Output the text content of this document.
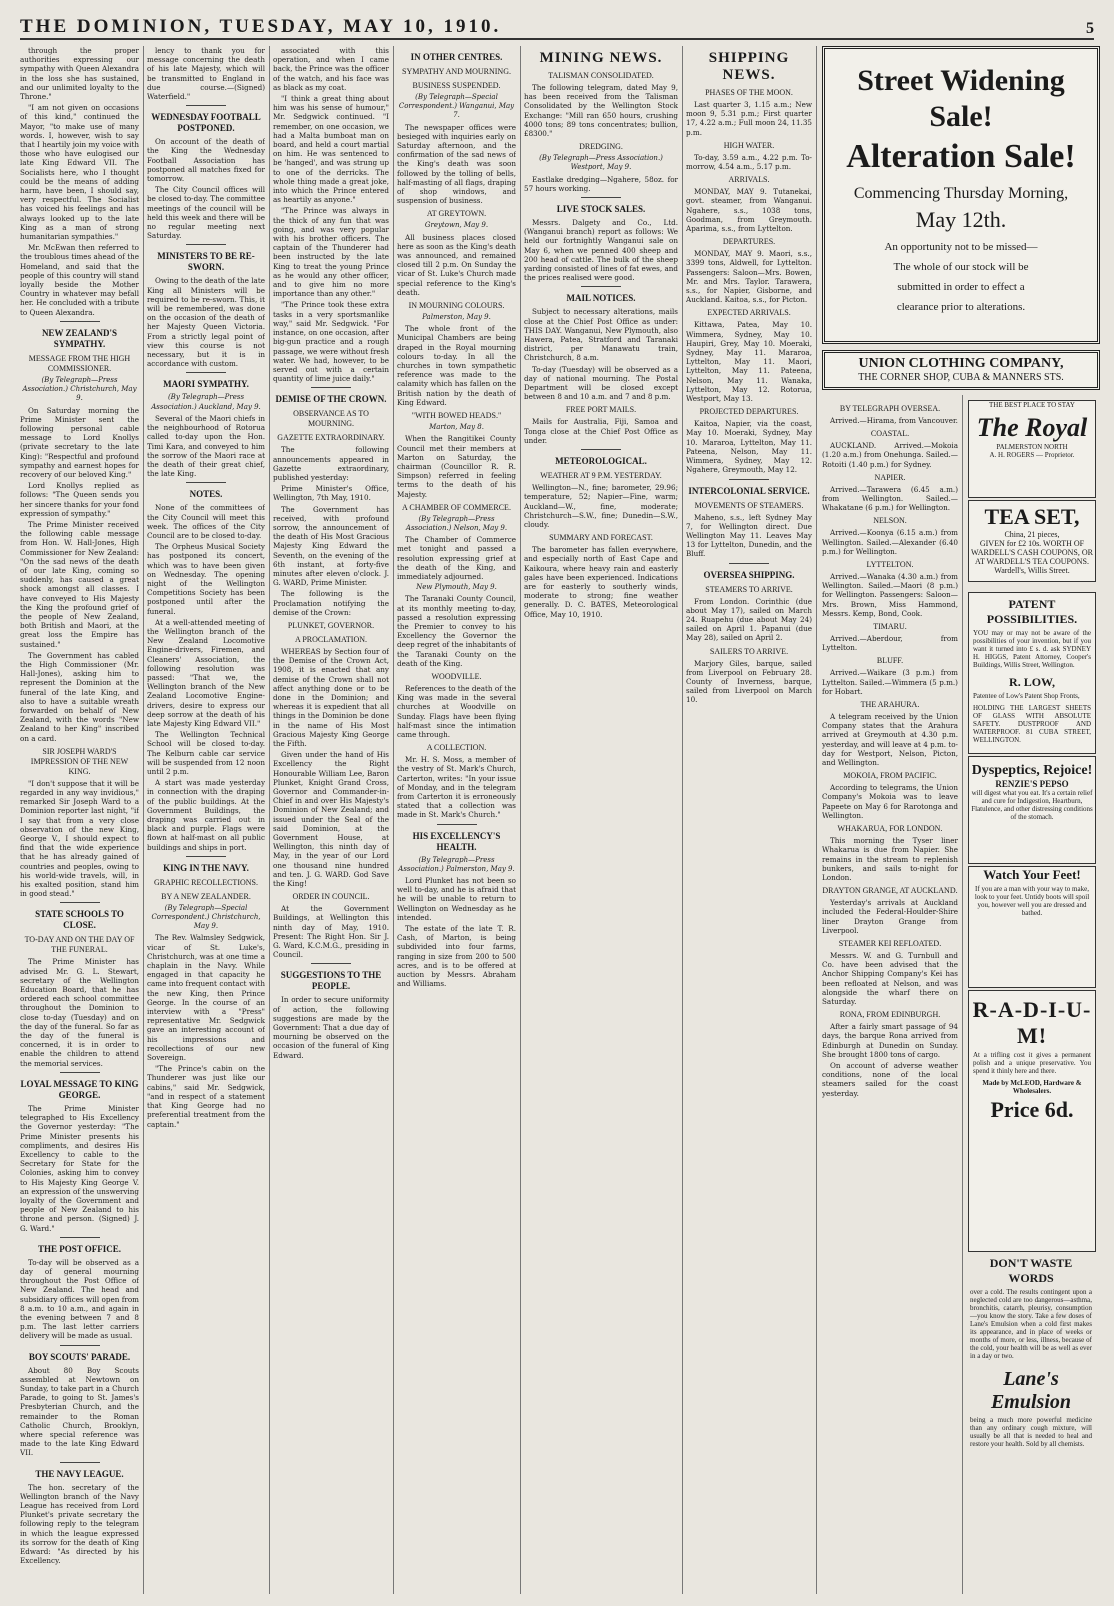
THE DOMINION, TUESDAY, MAY 10, 1910.	5

through the proper authorities expressing our sympathy with Queen Alexandra in the loss she has sustained, and our unlimited loyalty to the Throne."

"I am not given on occasions of this kind," continued the Mayor, "to make use of many words. I, however, wish to say that I heartily join my voice with those who have eulogised our late King Edward VII. The Socialists here, who I thought could be the means of adding harm, have been, I should say, very respectful. The Socialist has voiced his feelings and has always looked up to the late King as a man of strong humanitarian sympathies."

Mr. McEwan then referred to the troublous times ahead of the Homeland, and said that the people of this country will stand loyally beside the Mother Country in whatever may befall her. He concluded with a tribute to Queen Alexandra.

NEW ZEALAND'S SYMPATHY.
MESSAGE FROM THE HIGH COMMISSIONER.
(By Telegraph—Press Association.) Christchurch, May 9.

On Saturday morning the Prime Minister sent the following personal cable message to Lord Knollys (private secretary to the late King): "Respectful and profound sympathy and earnest hopes for recovery of our beloved King."

Lord Knollys replied as follows: "The Queen sends you her sincere thanks for your fond expression of sympathy."

The Prime Minister received the following cable message from Hon. W. Hall-Jones, High Commissioner for New Zealand: "On the sad news of the death of our late King, coming so suddenly, has caused a great shock amongst all classes. I have conveyed to His Majesty the King the profound grief of the people of New Zealand, both British and Maori, at the great loss the Empire has sustained."

The Government has cabled the High Commissioner (Mr. Hall-Jones), asking him to represent the Dominion at the funeral of the late King, and also to have a suitable wreath forwarded on behalf of New Zealand, with the words "New Zealand to her King" inscribed on a card.

SIR JOSEPH WARD'S IMPRESSION OF THE NEW KING.

"I don't suppose that it will be regarded in any way invidious," remarked Sir Joseph Ward to a Dominion reporter last night, "if I say that from a very close observation of the new King, George V., I should expect to find that the wide experience that he has already gained of countries and peoples, owing to his world-wide travels, will, in his exalted position, stand him in good stead."

STATE SCHOOLS TO CLOSE.
TO-DAY AND ON THE DAY OF THE FUNERAL.

The Prime Minister has advised Mr. G. L. Stewart, secretary of the Wellington Education Board, that he has ordered each school committee throughout the Dominion to close to-day (Tuesday) and on the day of the funeral. So far as the day of the funeral is concerned, it is in order to enable the children to attend the memorial services.

LOYAL MESSAGE TO KING GEORGE.

The Prime Minister telegraphed to His Excellency the Governor yesterday: "The Prime Minister presents his compliments, and desires His Excellency to cable to the Secretary for State for the Colonies, asking him to convey to His Majesty King George V. an expression of the unswerving loyalty of the Government and people of New Zealand to his throne and person. (Signed) J. G. Ward."

THE POST OFFICE.

To-day will be observed as a day of general mourning throughout the Post Office of New Zealand. The head and subsidiary offices will open from 8 a.m. to 10 a.m., and again in the evening between 7 and 8 p.m. The last letter carriers delivery will be made as usual.

BOY SCOUTS' PARADE.

About 80 Boy Scouts assembled at Newtown on Sunday, to take part in a Church Parade, to going to St. James's Presbyterian Church, and the remainder to the Roman Catholic Church, Brooklyn, where special reference was made to the late King Edward VII.

THE NAVY LEAGUE.

The hon. secretary of the Wellington branch of the Navy League has received from Lord Plunket's private secretary the following reply to the telegram in which the league expressed its sorrow for the death of King Edward: "As directed by his Excellency.

lency to thank you for message concerning the death of his late Majesty, which will be transmitted to England in due course.—(Signed) Waterfield."

WEDNESDAY FOOTBALL POSTPONED.

On account of the death of the King the Wednesday Football Association has postponed all matches fixed for tomorrow.

The City Council offices will be closed to-day. The committee meetings of the council will be held this week and there will be no regular meeting next Saturday.

MINISTERS TO BE RE-SWORN.

Owing to the death of the late King all Ministers will be required to be re-sworn. This, it will be remembered, was done on the occasion of the death of her Majesty Queen Victoria. From a strictly legal point of view this course is not necessary, but it is in accordance with custom.

MAORI SYMPATHY.
(By Telegraph—Press Association.) Auckland, May 9.

Several of the Maori chiefs in the neighbourhood of Rotorua called to-day upon the Hon. Timi Kara, and conveyed to him the sorrow of the Maori race at the death of their great chief, the late King.

NOTES.

None of the committees of the City Council will meet this week. The offices of the City Council are to be closed to-day.

The Orpheus Musical Society has postponed its concert, which was to have been given on Wednesday. The opening night of the Wellington Competitions Society has been postponed until after the funeral.

At a well-attended meeting of the Wellington branch of the New Zealand Locomotive Engine-drivers, Firemen, and Cleaners' Association, the following resolution was passed: "That we, the Wellington branch of the New Zealand Locomotive Engine-drivers, desire to express our deep sorrow at the death of his late Majesty King Edward VII."

The Wellington Technical School will be closed to-day. The Kelburn cable car service will be suspended from 12 noon until 2 p.m.

A start was made yesterday in connection with the draping of the public buildings. At the Government Buildings, the draping was carried out in black and purple. Flags were flown at half-mast on all public buildings and ships in port.

KING IN THE NAVY.
GRAPHIC RECOLLECTIONS.
BY A NEW ZEALANDER.
(By Telegraph—Special Correspondent.) Christchurch, May 9.

The Rev. Walmsley Sedgwick, vicar of St. Luke's, Christchurch, was at one time a chaplain in the Navy. While engaged in that capacity he came into frequent contact with the new King, then Prince George. In the course of an interview with a "Press" representative Mr. Sedgwick gave an interesting account of his impressions and recollections of our new Sovereign.

"The Prince's cabin on the Thunderer was just like our cabins," said Mr. Sedgwick, "and in respect of a statement that King George had no preferential treatment from the captain."

associated with this operation, and when I came back, the Prince was the officer of the watch, and his face was as black as my coat.

"I think a great thing about him was his sense of humour," Mr. Sedgwick continued. "I remember, on one occasion, we had a Malta bumboat man on board, and held a court martial on him. He was sentenced to be 'hanged', and was strung up to one of the derricks. The whole thing made a great joke, into which the Prince entered as heartily as anyone."

"The Prince was always in the thick of any fun that was going, and was very popular with his brother officers. The captain of the Thunderer had been instructed by the late King to treat the young Prince as he would any other officer, and to give him no more importance than any other."

"The Prince took these extra tasks in a very sportsmanlike way," said Mr. Sedgwick. "For instance, on one occasion, after big-gun practice and a rough passage, we were without fresh water. We had, however, to be served out with a certain quantity of lime juice daily."

DEMISE OF THE CROWN.
OBSERVANCE AS TO MOURNING.
GAZETTE EXTRAORDINARY.

The following announcements appeared in Gazette extraordinary, published yesterday:

Prime Minister's Office, Wellington, 7th May, 1910.

The Government has received, with profound sorrow, the announcement of the death of His Most Gracious Majesty King Edward the Seventh, on the evening of the 6th instant, at forty-five minutes after eleven o'clock. J. G. WARD, Prime Minister.

The following is the Proclamation notifying the demise of the Crown:

PLUNKET, GOVERNOR.
A PROCLAMATION.

WHEREAS by Section four of the Demise of the Crown Act, 1908, it is enacted that any demise of the Crown shall not affect anything done or to be done in the Dominion; and whereas it is expedient that all things in the Dominion be done in the name of His Most Gracious Majesty King George the Fifth.

Given under the hand of His Excellency the Right Honourable William Lee, Baron Plunket, Knight Grand Cross, Governor and Commander-in-Chief in and over His Majesty's Dominion of New Zealand; and issued under the Seal of the said Dominion, at the Government House, at Wellington, this ninth day of May, in the year of our Lord one thousand nine hundred and ten. J. G. WARD. God Save the King!

ORDER IN COUNCIL.

At the Government Buildings, at Wellington this ninth day of May, 1910. Present: The Right Hon. Sir J. G. Ward, K.C.M.G., presiding in Council.

SUGGESTIONS TO THE PEOPLE.

In order to secure uniformity of action, the following suggestions are made by the Government: That a due day of mourning be observed on the occasion of the funeral of King Edward.

IN OTHER CENTRES.
SYMPATHY AND MOURNING.
BUSINESS SUSPENDED.
(By Telegraph—Special Correspondent.) Wanganui, May 7.

The newspaper offices were besieged with inquiries early on Saturday afternoon, and the confirmation of the sad news of the King's death was soon followed by the tolling of bells, half-masting of all flags, draping of shop windows, and suspension of business.

AT GREYTOWN.
Greytown, May 9.

All business places closed here as soon as the King's death was announced, and remained closed till 2 p.m. On Sunday the vicar of St. Luke's Church made special reference to the King's death.

IN MOURNING COLOURS.
Palmerston, May 9.

The whole front of the Municipal Chambers are being draped in the Royal mourning colours to-day. In all the churches in town sympathetic reference was made to the calamity which has fallen on the British nation by the death of King Edward.

"WITH BOWED HEADS."
Marton, May 8.

When the Rangitikei County Council met their members at Marton on Saturday, the chairman (Councillor R. R. Simpson) referred in feeling terms to the death of his Majesty.

A CHAMBER OF COMMERCE.
(By Telegraph—Press Association.) Nelson, May 9.

The Chamber of Commerce met tonight and passed a resolution expressing grief at the death of the King, and immediately adjourned.

New Plymouth, May 9.

The Taranaki County Council, at its monthly meeting to-day, passed a resolution expressing the Premier to convey to his Excellency the Governor the deep regret of the inhabitants of the Taranaki County on the death of the King.

WOODVILLE.

References to the death of the King was made in the several churches at Woodville on Sunday. Flags have been flying half-mast since the intimation came through.

A COLLECTION.

Mr. H. S. Moss, a member of the vestry of St. Mark's Church, Carterton, writes: "In your issue of Monday, and in the telegram from Carterton it is erroneously stated that a collection was made in St. Mark's Church."

HIS EXCELLENCY'S HEALTH.
(By Telegraph—Press Association.) Palmerston, May 9.

Lord Plunket has not been so well to-day, and he is afraid that he will be unable to return to Wellington on Wednesday as he intended.

The estate of the late T. R. Cash, of Marton, is being subdivided into four farms, ranging in size from 200 to 500 acres, and is to be offered at auction by Messrs. Abraham and Williams.

MINING NEWS.
TALISMAN CONSOLIDATED.

The following telegram, dated May 9, has been received from the Talisman Consolidated by the Wellington Stock Exchange: "Mill ran 650 hours, crushing 4000 tons; 89 tons concentrates; bullion, £8300."

DREDGING.
(By Telegraph—Press Association.) Westport, May 9.

Eastlake dredging—Ngahere, 58oz. for 57 hours working.

LIVE STOCK SALES.

Messrs. Dalgety and Co., Ltd. (Wanganui branch) report as follows: We held our fortnightly Wanganui sale on May 6, when we penned 400 sheep and 200 head of cattle. The bulk of the sheep yarding consisted of lines of fat ewes, and the prices realised were good.

MAIL NOTICES.

Subject to necessary alterations, mails close at the Chief Post Office as under: THIS DAY. Wanganui, New Plymouth, also Hawera, Patea, Stratford and Taranaki district, per Manawatu train, Christchurch, 8 a.m.

To-day (Tuesday) will be observed as a day of national mourning. The Postal Department will be closed except between 8 and 10 a.m. and 7 and 8 p.m.

FREE PORT MAILS.

Mails for Australia, Fiji, Samoa and Tonga close at the Chief Post Office as under.

METEOROLOGICAL.
WEATHER AT 9 P.M. YESTERDAY.

Wellington—N., fine; barometer, 29.96; temperature, 52; Napier—Fine, warm; Auckland—W., fine, moderate; Christchurch—S.W., fine; Dunedin—S.W., cloudy.

SUMMARY AND FORECAST.

The barometer has fallen everywhere, and especially north of East Cape and Kaikoura, where heavy rain and easterly gales have been experienced. Indications are for easterly to southerly winds, moderate to strong; fine weather generally. D. C. BATES, Meteorological Office, May 10, 1910.

SHIPPING NEWS.
PHASES OF THE MOON.

Last quarter 3, 1.15 a.m.; New moon 9, 5.31 p.m.; First quarter 17, 4.22 a.m.; Full moon 24, 11.35 p.m.

HIGH WATER.

To-day, 3.59 a.m., 4.22 p.m. To-morrow, 4.54 a.m., 5.17 p.m.

ARRIVALS.

MONDAY, MAY 9. Tutanekai, govt. steamer, from Wanganui. Ngahere, s.s., 1038 tons, Goodman, from Greymouth. Aparima, s.s., from Lyttelton.

DEPARTURES.

MONDAY, MAY 9. Maori, s.s., 3399 tons, Aldwell, for Lyttelton. Passengers: Saloon—Mrs. Bowen, Mr. and Mrs. Taylor. Tarawera, s.s., for Napier, Gisborne, and Auckland. Kaitoa, s.s., for Picton.

EXPECTED ARRIVALS.

Kittawa, Patea, May 10. Wimmera, Sydney, May 10. Haupiri, Grey, May 10. Moeraki, Sydney, May 11. Mararoa, Lyttelton, May 11. Maori, Lyttelton, May 11. Pateena, Nelson, May 11. Wanaka, Lyttelton, May 12. Rotorua, Westport, May 13.

PROJECTED DEPARTURES.

Kaitoa, Napier, via the coast, May 10. Moeraki, Sydney, May 10. Mararoa, Lyttelton, May 11. Pateena, Nelson, May 11. Wimmera, Sydney, May 12. Ngahere, Greymouth, May 12.

INTERCOLONIAL SERVICE.
MOVEMENTS OF STEAMERS.

Maheno, s.s., left Sydney May 7, for Wellington direct. Due Wellington May 11. Leaves May 13 for Lyttelton, Dunedin, and the Bluff.

OVERSEA SHIPPING.
STEAMERS TO ARRIVE.

From London. Corinthic (due about May 17), sailed on March 24. Ruapehu (due about May 24) sailed on April 1. Papanui (due May 28), sailed on April 2.

SAILERS TO ARRIVE.

Marjory Giles, barque, sailed from Liverpool on February 28. County of Inverness, barque, sailed from Liverpool on March 10.

BY TELEGRAPH OVERSEA.

Arrived.—Hirama, from Vancouver.

COASTAL.

AUCKLAND. Arrived.—Mokoia (1.20 a.m.) from Onehunga. Sailed.—Rotoiti (1.40 p.m.) for Sydney.

NAPIER.

Arrived.—Tarawera (6.45 a.m.) from Wellington. Sailed.—Whakatane (6 p.m.) for Wellington.

NELSON.

Arrived.—Koonya (6.15 a.m.) from Wellington. Sailed.—Alexander (6.40 p.m.) for Wellington.

LYTTELTON.

Arrived.—Wanaka (4.30 a.m.) from Wellington. Sailed.—Maori (8 p.m.) for Wellington. Passengers: Saloon—Mrs. Brown, Miss Hammond, Messrs. Kemp, Bond, Cook.

TIMARU.

Arrived.—Aberdour, from Lyttelton.

BLUFF.

Arrived.—Waikare (3 p.m.) from Lyttelton. Sailed.—Wimmera (5 p.m.) for Hobart.

THE ARAHURA.

A telegram received by the Union Company states that the Arahura arrived at Greymouth at 4.30 p.m. yesterday, and will leave at 4 p.m. to-day for Westport, Nelson, Picton, and Wellington.

MOKOIA, FROM PACIFIC.

According to telegrams, the Union Company's Mokoia was to leave Papeete on May 6 for Rarotonga and Wellington.

WHAKARUA, FOR LONDON.

This morning the Tyser liner Whakarua is due from Napier. She remains in the stream to replenish bunkers, and sails to-night for London.

DRAYTON GRANGE, AT AUCKLAND.

Yesterday's arrivals at Auckland included the Federal-Houlder-Shire liner Drayton Grange from Liverpool.

STEAMER KEI REFLOATED.

Messrs. W. and G. Turnbull and Co. have been advised that the Anchor Shipping Company's Kei has been refloated at Nelson, and was alongside the wharf there on Saturday.

RONA, FROM EDINBURGH.

After a fairly smart passage of 94 days, the barque Rona arrived from Edinburgh at Dunedin on Sunday. She brought 1800 tons of cargo.

On account of adverse weather conditions, none of the local steamers sailed for the coast yesterday.

Street Widening Sale!
Alteration Sale!
Commencing Thursday Morning,
May 12th.
An opportunity not to be missed—
The whole of our stock will be
submitted in order to effect a
clearance prior to alterations.
UNION CLOTHING COMPANY,
THE CORNER SHOP, CUBA & MANNERS STS.
THE BEST PLACE TO STAY
The Royal
PALMERSTON NORTH
A. H. ROGERS — Proprietor.
TEA SET,
China, 21 pieces,
GIVEN for £2 10s. WORTH OF WARDELL'S CASH COUPONS, OR AT WARDELL'S TEA COUPONS.
Wardell's, Willis Street.
PATENT POSSIBILITIES.
YOU may or may not be aware of the possibilities of your invention, but if you want it turned into £ s. d. ask SYDNEY H. HIGGS, Patent Attorney, Cooper's Buildings, Willis Street, Wellington.
R. LOW,
Patentee of Low's Patent Shop Fronts,
HOLDING THE LARGEST SHEETS OF GLASS WITH ABSOLUTE SAFETY. DUSTPROOF AND WATERPROOF. 81 CUBA STREET, WELLINGTON.
Dyspeptics, Rejoice!
RENZIE'S PEPSO
will digest what you eat. It's a certain relief and cure for Indigestion, Heartburn, Flatulence, and other distressing conditions of the stomach.
Watch Your Feet!
If you are a man with your way to make, look to your feet. Untidy boots will spoil you, however well you are dressed and bathed.
R-A-D-I-U-M!
At a trifling cost it gives a permanent polish and a unique preservative. You spend it thinly here and there.
Made by McLEOD, Hardware & Wholesalers.
Price 6d.
DON'T WASTE WORDS
over a cold. The results contingent upon a neglected cold are too dangerous—asthma, bronchitis, catarrh, pleurisy, consumption—you know the story. Take a few doses of Lane's Emulsion when a cold first makes its appearance, and in place of weeks or months of more, or less, illness, because of the cold, your health will be as well as ever in a day or two.
Lane's Emulsion
being a much more powerful medicine than any ordinary cough mixture, will usually be all that is needed to heal and restore your health. Sold by all chemists.
